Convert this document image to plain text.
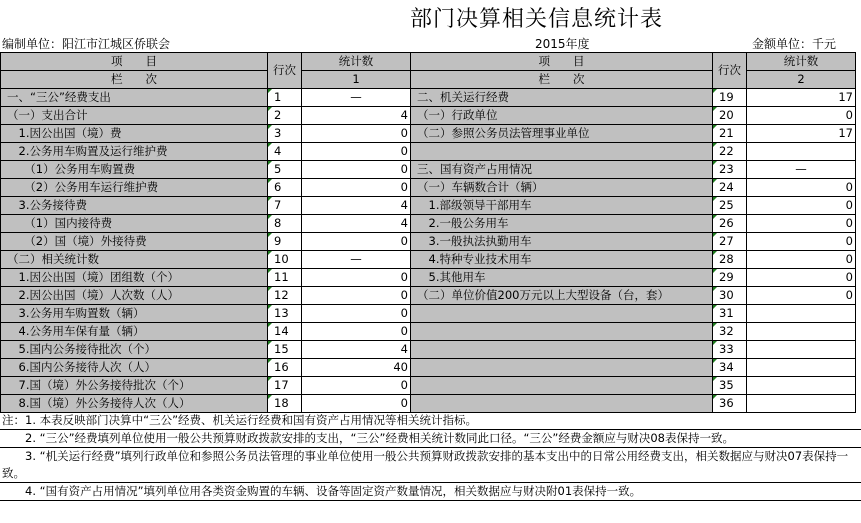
部门决算相关信息统计表
编制单位：阳江市江城区侨联会	2015年度	金额单位：千元
项　　目	行次	统计数	项　　目	行次	统计数
栏　　次		1	栏　　次		2
一、“三公”经费支出	1	—	二、机关运行经费	19	17
（一）支出合计	2	4	（一）行政单位	20	0
　1.因公出国（境）费	3	0	（二）参照公务员法管理事业单位	21	17
　2.公务用车购置及运行维护费	4	0		22	
　　（1）公务用车购置费	5	0	三、国有资产占用情况	23	—
　　（2）公务用车运行维护费	6	0	（一）车辆数合计（辆）	24	0
　3.公务接待费	7	4	　1.部级领导干部用车	25	0
　　（1）国内接待费	8	4	　2.一般公务用车	26	0
　　（2）国（境）外接待费	9	0	　3.一般执法执勤用车	27	0
（二）相关统计数	10	—	　4.特种专业技术用车	28	0
　1.因公出国（境）团组数（个）	11	0	　5.其他用车	29	0
　2.因公出国（境）人次数（人）	12	0	（二）单位价值200万元以上大型设备（台，套）	30	0
　3.公务用车购置数（辆）	13	0		31	
　4.公务用车保有量（辆）	14	0		32	
　5.国内公务接待批次（个）	15	4		33	
　6.国内公务接待人次（人）	16	40		34	
　7.国（境）外公务接待批次（个）	17	0		35	
　8.国（境）外公务接待人次（人）	18	0		36	
注：1. 本表反映部门决算中“三公”经费、机关运行经费和国有资产占用情况等相关统计指标。
　　2. “三公”经费填列单位使用一般公共预算财政拨款安排的支出，“三公”经费相关统计数同此口径。“三公”经费金额应与财决08表保持一致。
　　3. “机关运行经费”填列行政单位和参照公务员法管理的事业单位使用一般公共预算财政拨款安排的基本支出中的日常公用经费支出，相关数据应与财决07表保持一致。
　　4. “国有资产占用情况”填列单位用各类资金购置的车辆、设备等固定资产数量情况，相关数据应与财决附01表保持一致。
